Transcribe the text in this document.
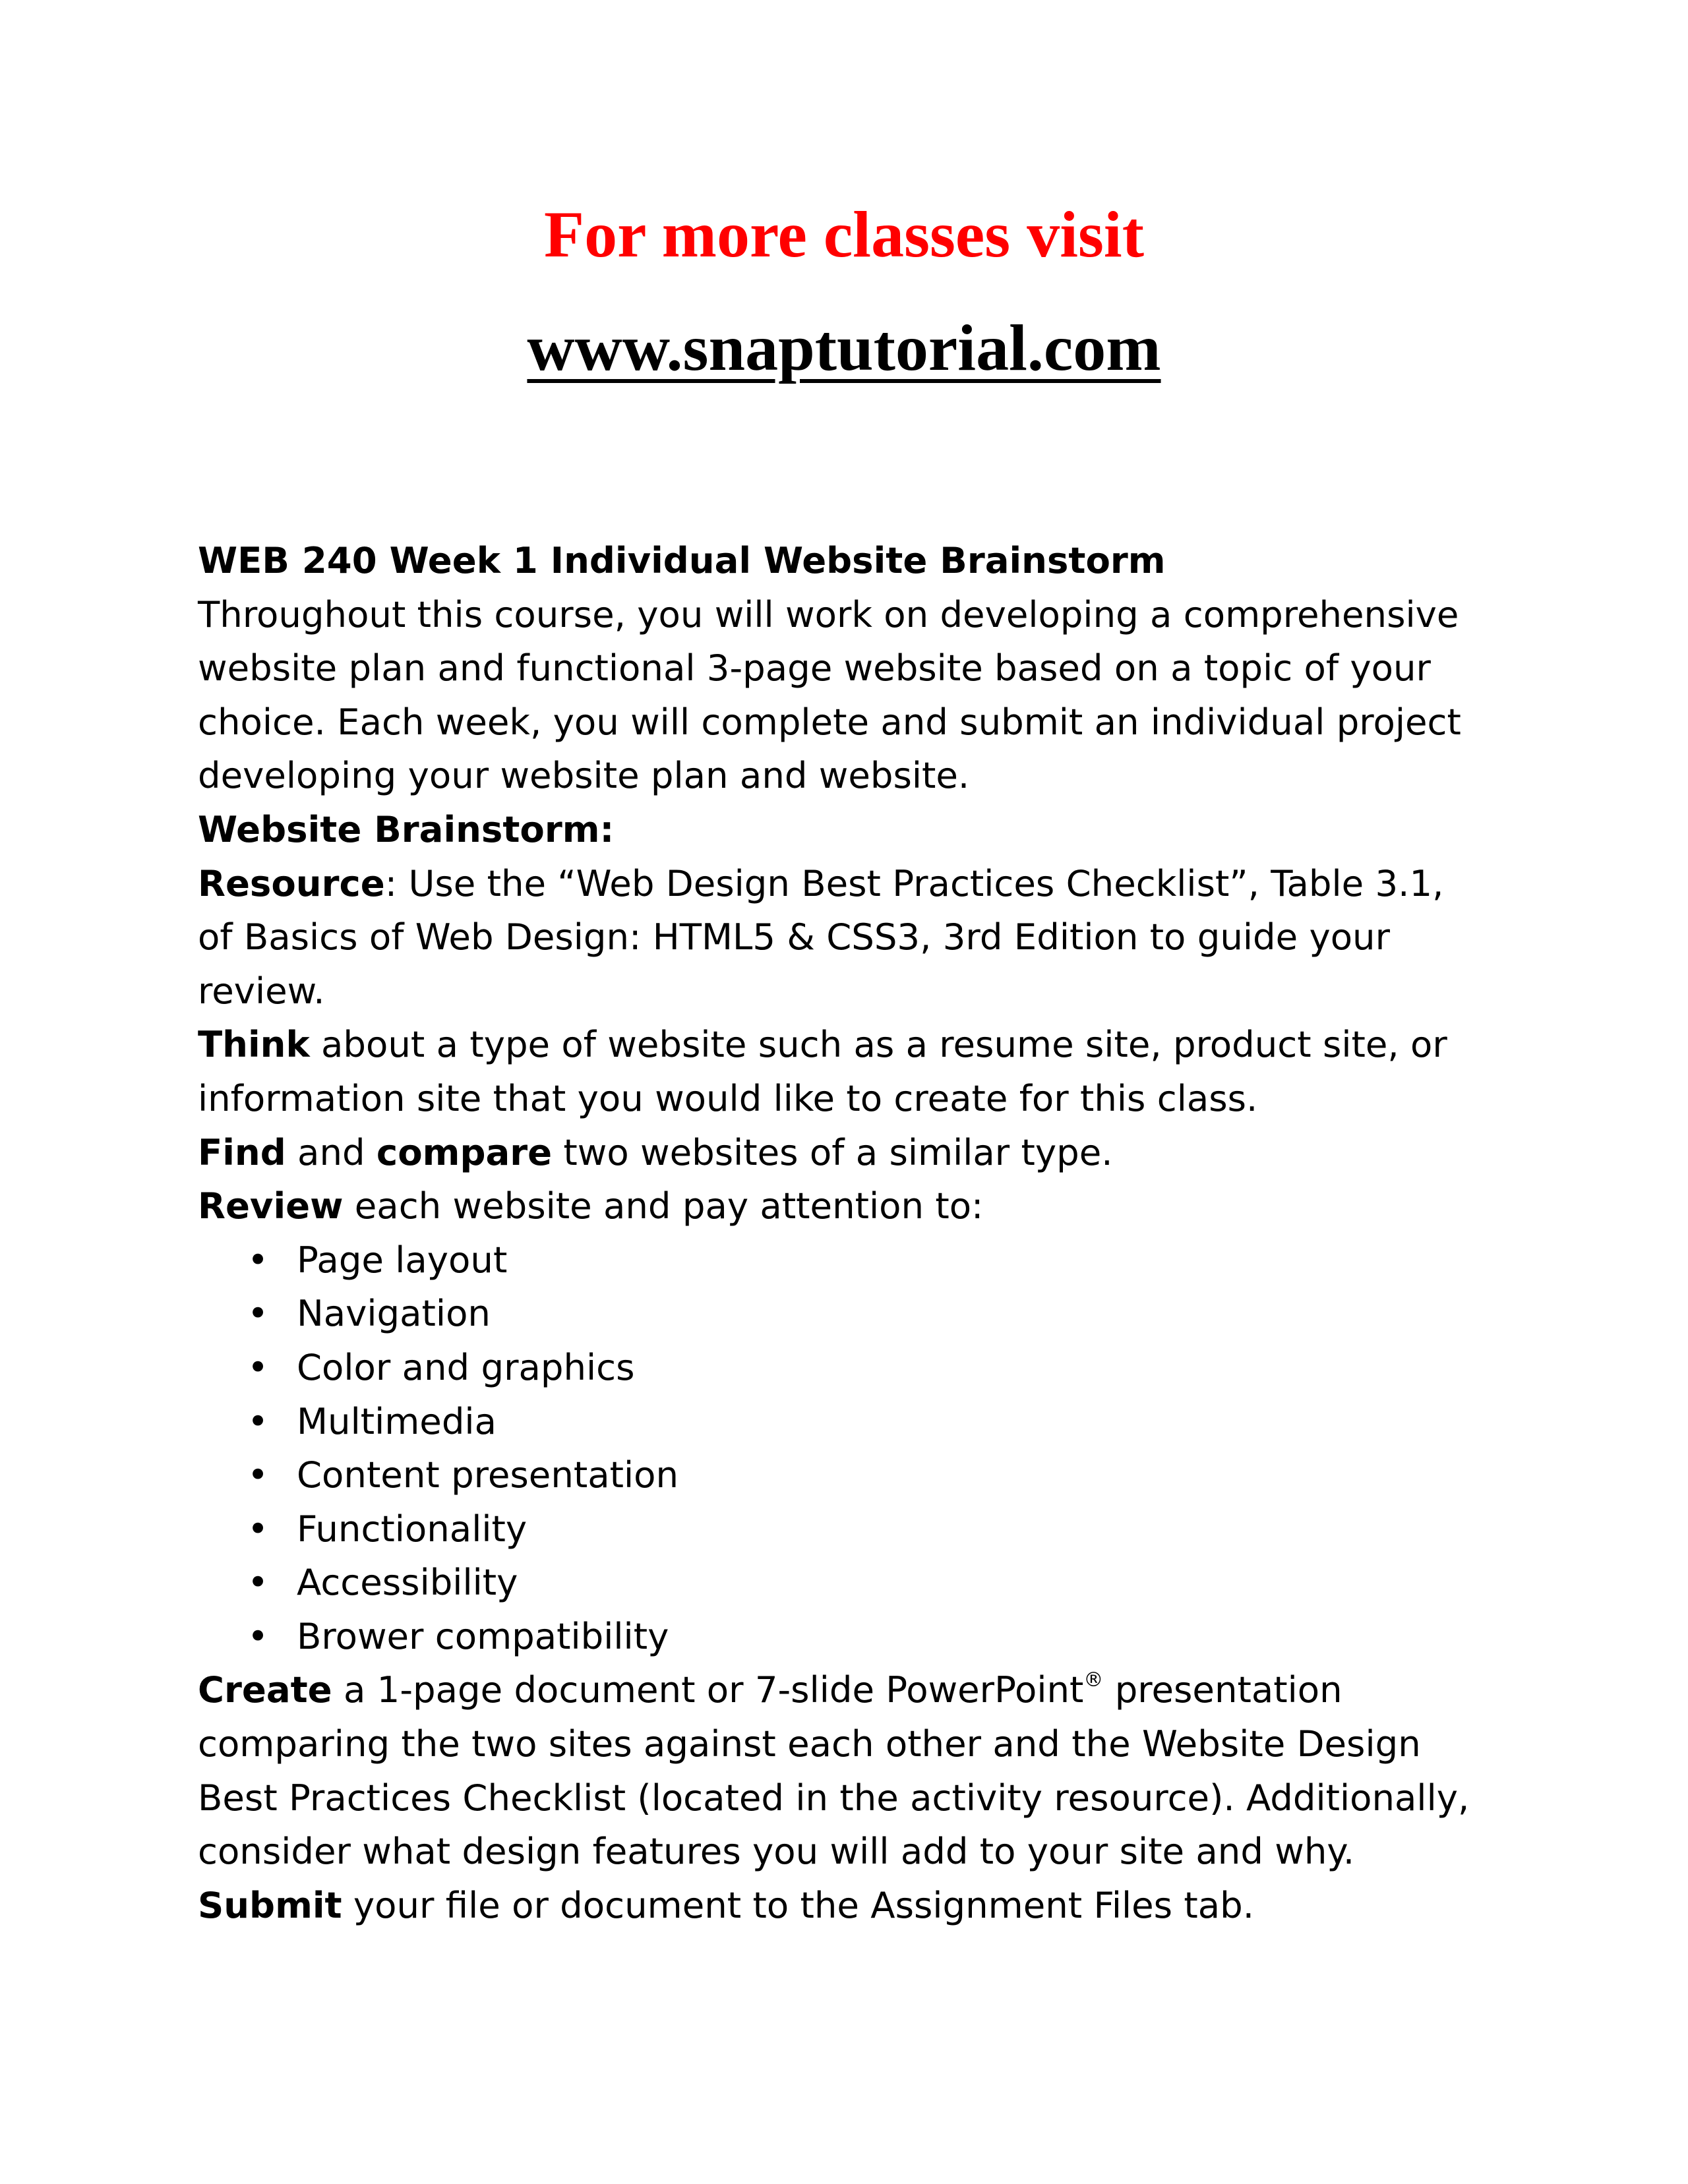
For more classes visit

www.snaptutorial.com

WEB 240 Week 1 Individual Website Brainstorm

Throughout this course, you will work on developing a comprehensive

website plan and functional 3-page website based on a topic of your

choice. Each week, you will complete and submit an individual project

developing your website plan and website.

Website Brainstorm:

Resource: Use the “Web Design Best Practices Checklist”, Table 3.1,

of Basics of Web Design: HTML5 & CSS3, 3rd Edition to guide your

review.

Think about a type of website such as a resume site, product site, or

information site that you would like to create for this class.

Find and compare two websites of a similar type.

Review each website and pay attention to:

• Page layout
• Navigation
• Color and graphics
• Multimedia
• Content presentation
• Functionality
• Accessibility
• Brower compatibility

Create a 1-page document or 7-slide PowerPoint® presentation

comparing the two sites against each other and the Website Design

Best Practices Checklist (located in the activity resource). Additionally,

consider what design features you will add to your site and why.

Submit your file or document to the Assignment Files tab.
